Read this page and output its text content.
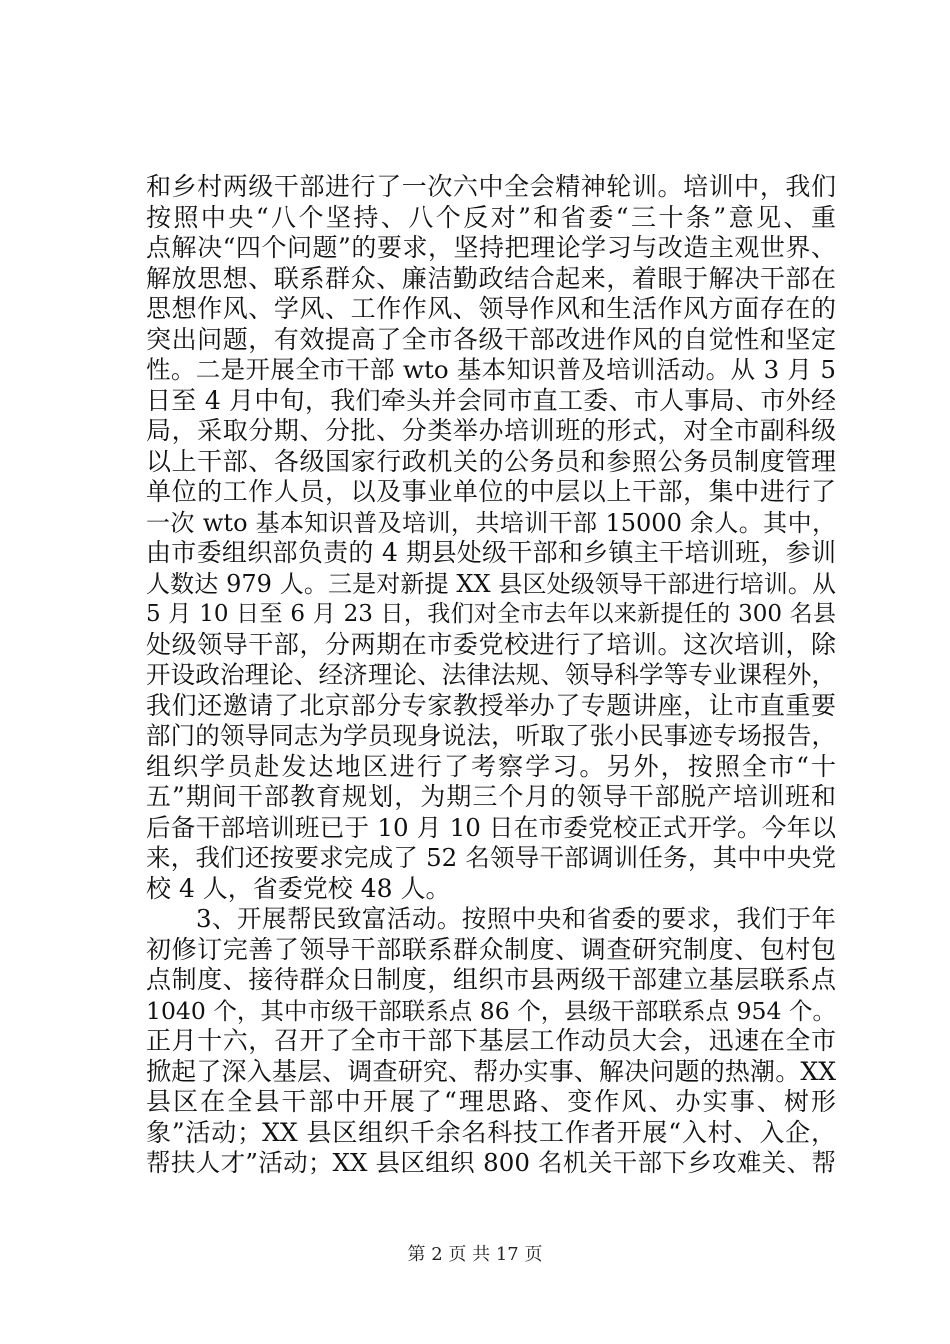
和乡村两级干部进行了一次六中全会精神轮训。培训中，我们

按照中央“八个坚持、八个反对”和省委“三十条”意见、重

点解决“四个问题”的要求，坚持把理论学习与改造主观世界、

解放思想、联系群众、廉洁勤政结合起来，着眼于解决干部在

思想作风、学风、工作作风、领导作风和生活作风方面存在的

突出问题，有效提高了全市各级干部改进作风的自觉性和坚定

性。二是开展全市干部 wto 基本知识普及培训活动。从 3 月 5

日至 4 月中旬，我们牵头并会同市直工委、市人事局、市外经

局，采取分期、分批、分类举办培训班的形式，对全市副科级

以上干部、各级国家行政机关的公务员和参照公务员制度管理

单位的工作人员，以及事业单位的中层以上干部，集中进行了

一次 wto 基本知识普及培训，共培训干部 15000 余人。其中，

由市委组织部负责的 4 期县处级干部和乡镇主干培训班，参训

人数达 979 人。三是对新提 XX 县区处级领导干部进行培训。从

5 月 10 日至 6 月 23 日，我们对全市去年以来新提任的 300 名县

处级领导干部，分两期在市委党校进行了培训。这次培训，除

开设政治理论、经济理论、法律法规、领导科学等专业课程外，

我们还邀请了北京部分专家教授举办了专题讲座，让市直重要

部门的领导同志为学员现身说法，听取了张小民事迹专场报告，

组织学员赴发达地区进行了考察学习。另外，按照全市“十

五”期间干部教育规划，为期三个月的领导干部脱产培训班和

后备干部培训班已于 10 月 10 日在市委党校正式开学。今年以

来，我们还按要求完成了 52 名领导干部调训任务，其中中央党

校 4 人，省委党校 48 人。

　　3、开展帮民致富活动。按照中央和省委的要求，我们于年

初修订完善了领导干部联系群众制度、调查研究制度、包村包

点制度、接待群众日制度，组织市县两级干部建立基层联系点

1040 个，其中市级干部联系点 86 个，县级干部联系点 954 个。

正月十六，召开了全市干部下基层工作动员大会，迅速在全市

掀起了深入基层、调查研究、帮办实事、解决问题的热潮。XX

县区在全县干部中开展了“理思路、变作风、办实事、树形

象”活动；XX 县区组织千余名科技工作者开展“入村、入企，

帮扶人才”活动；XX 县区组织 800 名机关干部下乡攻难关、帮

第 2 页 共 17 页
